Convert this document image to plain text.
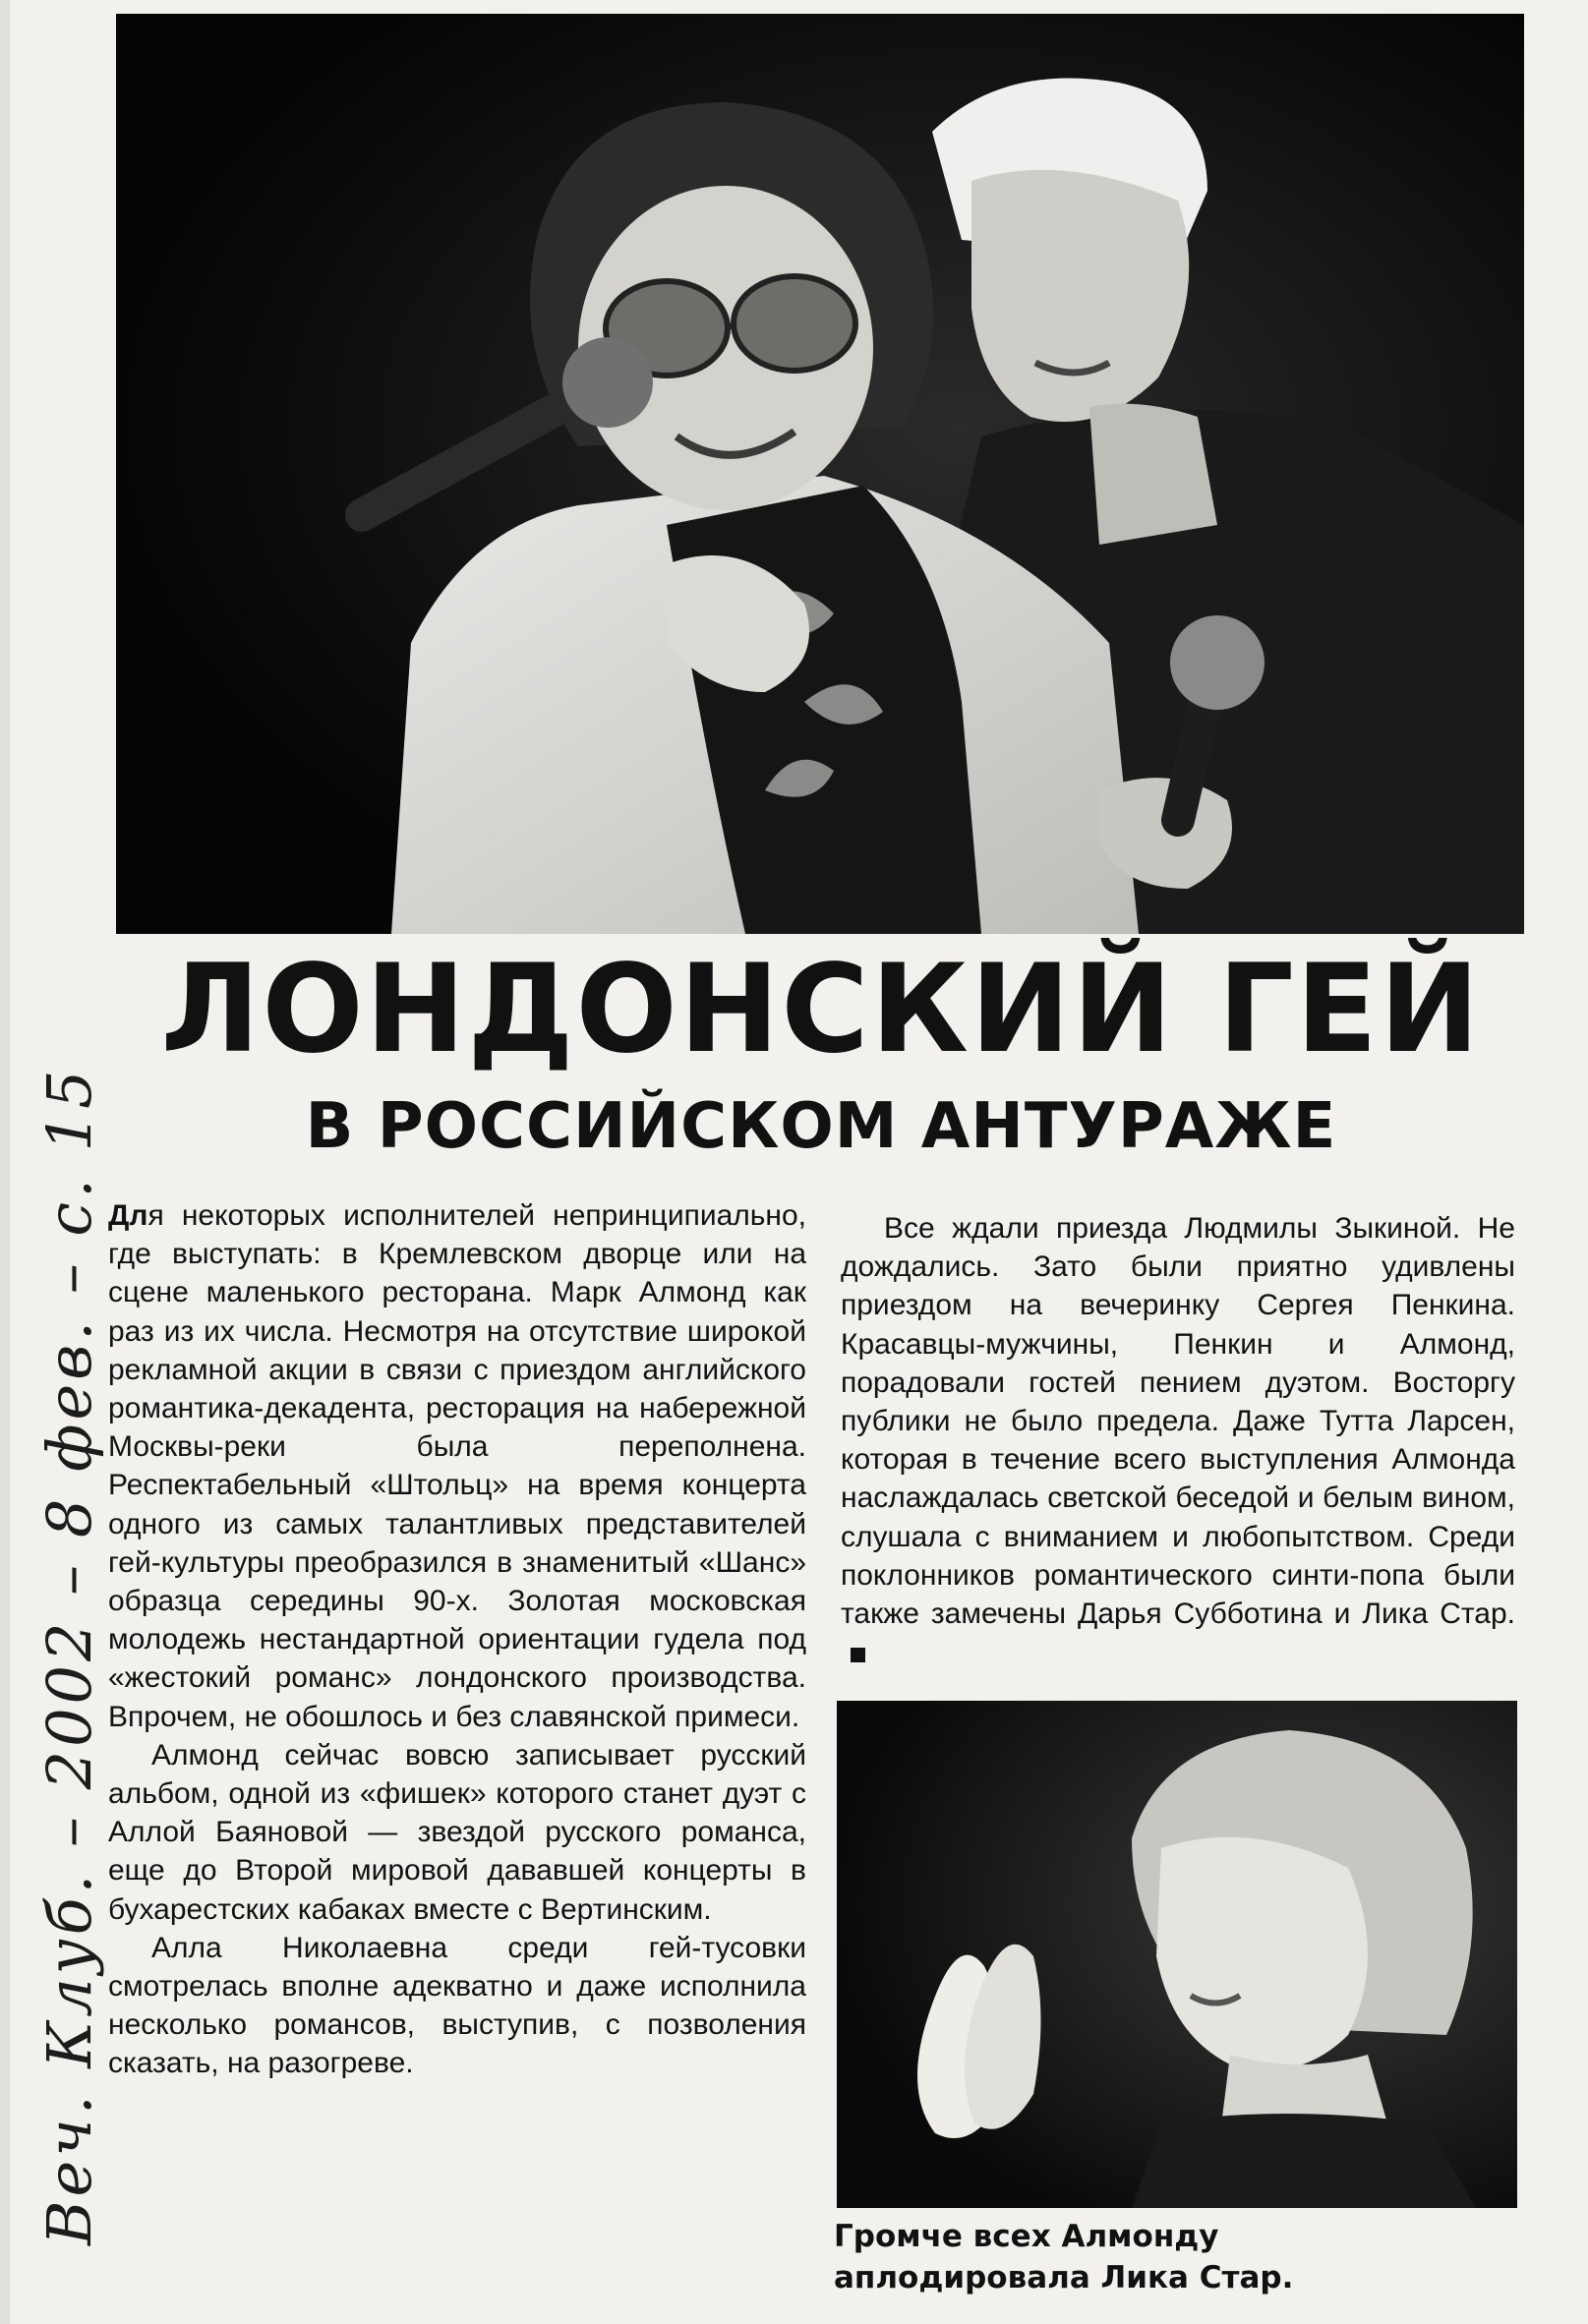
ЛОНДОНСКИЙ ГЕЙ
В РОССИЙСКОМ АНТУРАЖЕ

Для некоторых исполнителей непринципиально, где выступать: в Кремлевском дворце или на сцене маленького ресторана. Марк Алмонд как раз из их числа. Несмотря на отсутствие широкой рекламной акции в связи с приездом английского романтика-декадента, ресторация на набережной Москвы-реки была переполнена. Респектабельный «Штольц» на время концерта одного из самых талантливых представителей гей-культуры преобразился в знаменитый «Шанс» образца середины 90-х. Золотая московская молодежь нестандартной ориентации гудела под «жестокий романс» лондонского производства. Впрочем, не обошлось и без славянской примеси.

Алмонд сейчас вовсю записывает русский альбом, одной из «фишек» которого станет дуэт с Аллой Баяновой — звездой русского романса, еще до Второй мировой дававшей концерты в бухарестских кабаках вместе с Вертинским.

Алла Николаевна среди гей-тусовки смотрелась вполне адекватно и даже исполнила несколько романсов, выступив, с позволения сказать, на разогреве.

Все ждали приезда Людмилы Зыкиной. Не дождались. Зато были приятно удивлены приездом на вечеринку Сергея Пенкина. Красавцы-мужчины, Пенкин и Алмонд, порадовали гостей пением дуэтом. Восторгу публики не было предела. Даже Тутта Ларсен, которая в течение всего выступления Алмонда наслаждалась светской беседой и белым вином, слушала с вниманием и любопытством. Среди поклонников романтического синти-попа были также замечены Дарья Субботина и Лика Стар.

Громче всех Алмонду
аплодировала Лика Стар.

Веч. Клуб. – 2002 – 8 фев. – с. 15
